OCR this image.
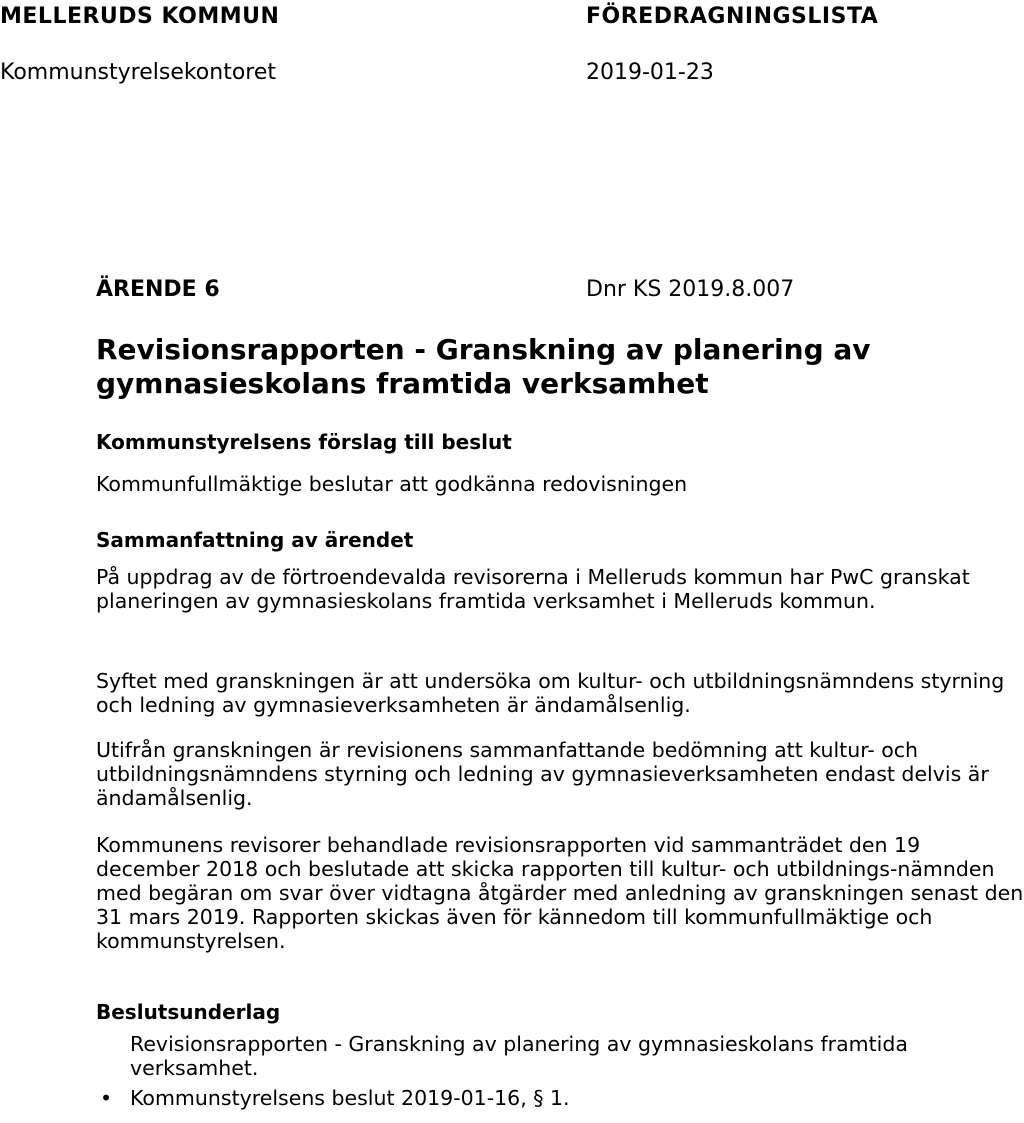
MELLERUDS KOMMUN	FÖREDRAGNINGSLISTA
Kommunstyrelsekontoret	2019-01-23
ÄRENDE 6	Dnr KS 2019.8.007
Revisionsrapporten - Granskning av planering av gymnasieskolans framtida verksamhet
Kommunstyrelsens förslag till beslut
Kommunfullmäktige beslutar att godkänna redovisningen
Sammanfattning av ärendet
På uppdrag av de förtroendevalda revisorerna i Melleruds kommun har PwC granskat planeringen av gymnasieskolans framtida verksamhet i Melleruds kommun.
Syftet med granskningen är att undersöka om kultur- och utbildningsnämndens styrning och ledning av gymnasieverksamheten är ändamålsenlig.
Utifrån granskningen är revisionens sammanfattande bedömning att kultur- och utbildningsnämndens styrning och ledning av gymnasieverksamheten endast delvis är ändamålsenlig.
Kommunens revisorer behandlade revisionsrapporten vid sammanträdet den 19 december 2018 och beslutade att skicka rapporten till kultur- och utbildnings-nämnden med begäran om svar över vidtagna åtgärder med anledning av granskningen senast den 31 mars 2019. Rapporten skickas även för kännedom till kommunfullmäktige och kommunstyrelsen.
Beslutsunderlag
Revisionsrapporten - Granskning av planering av gymnasieskolans framtida verksamhet.
• Kommunstyrelsens beslut 2019-01-16, § 1.
